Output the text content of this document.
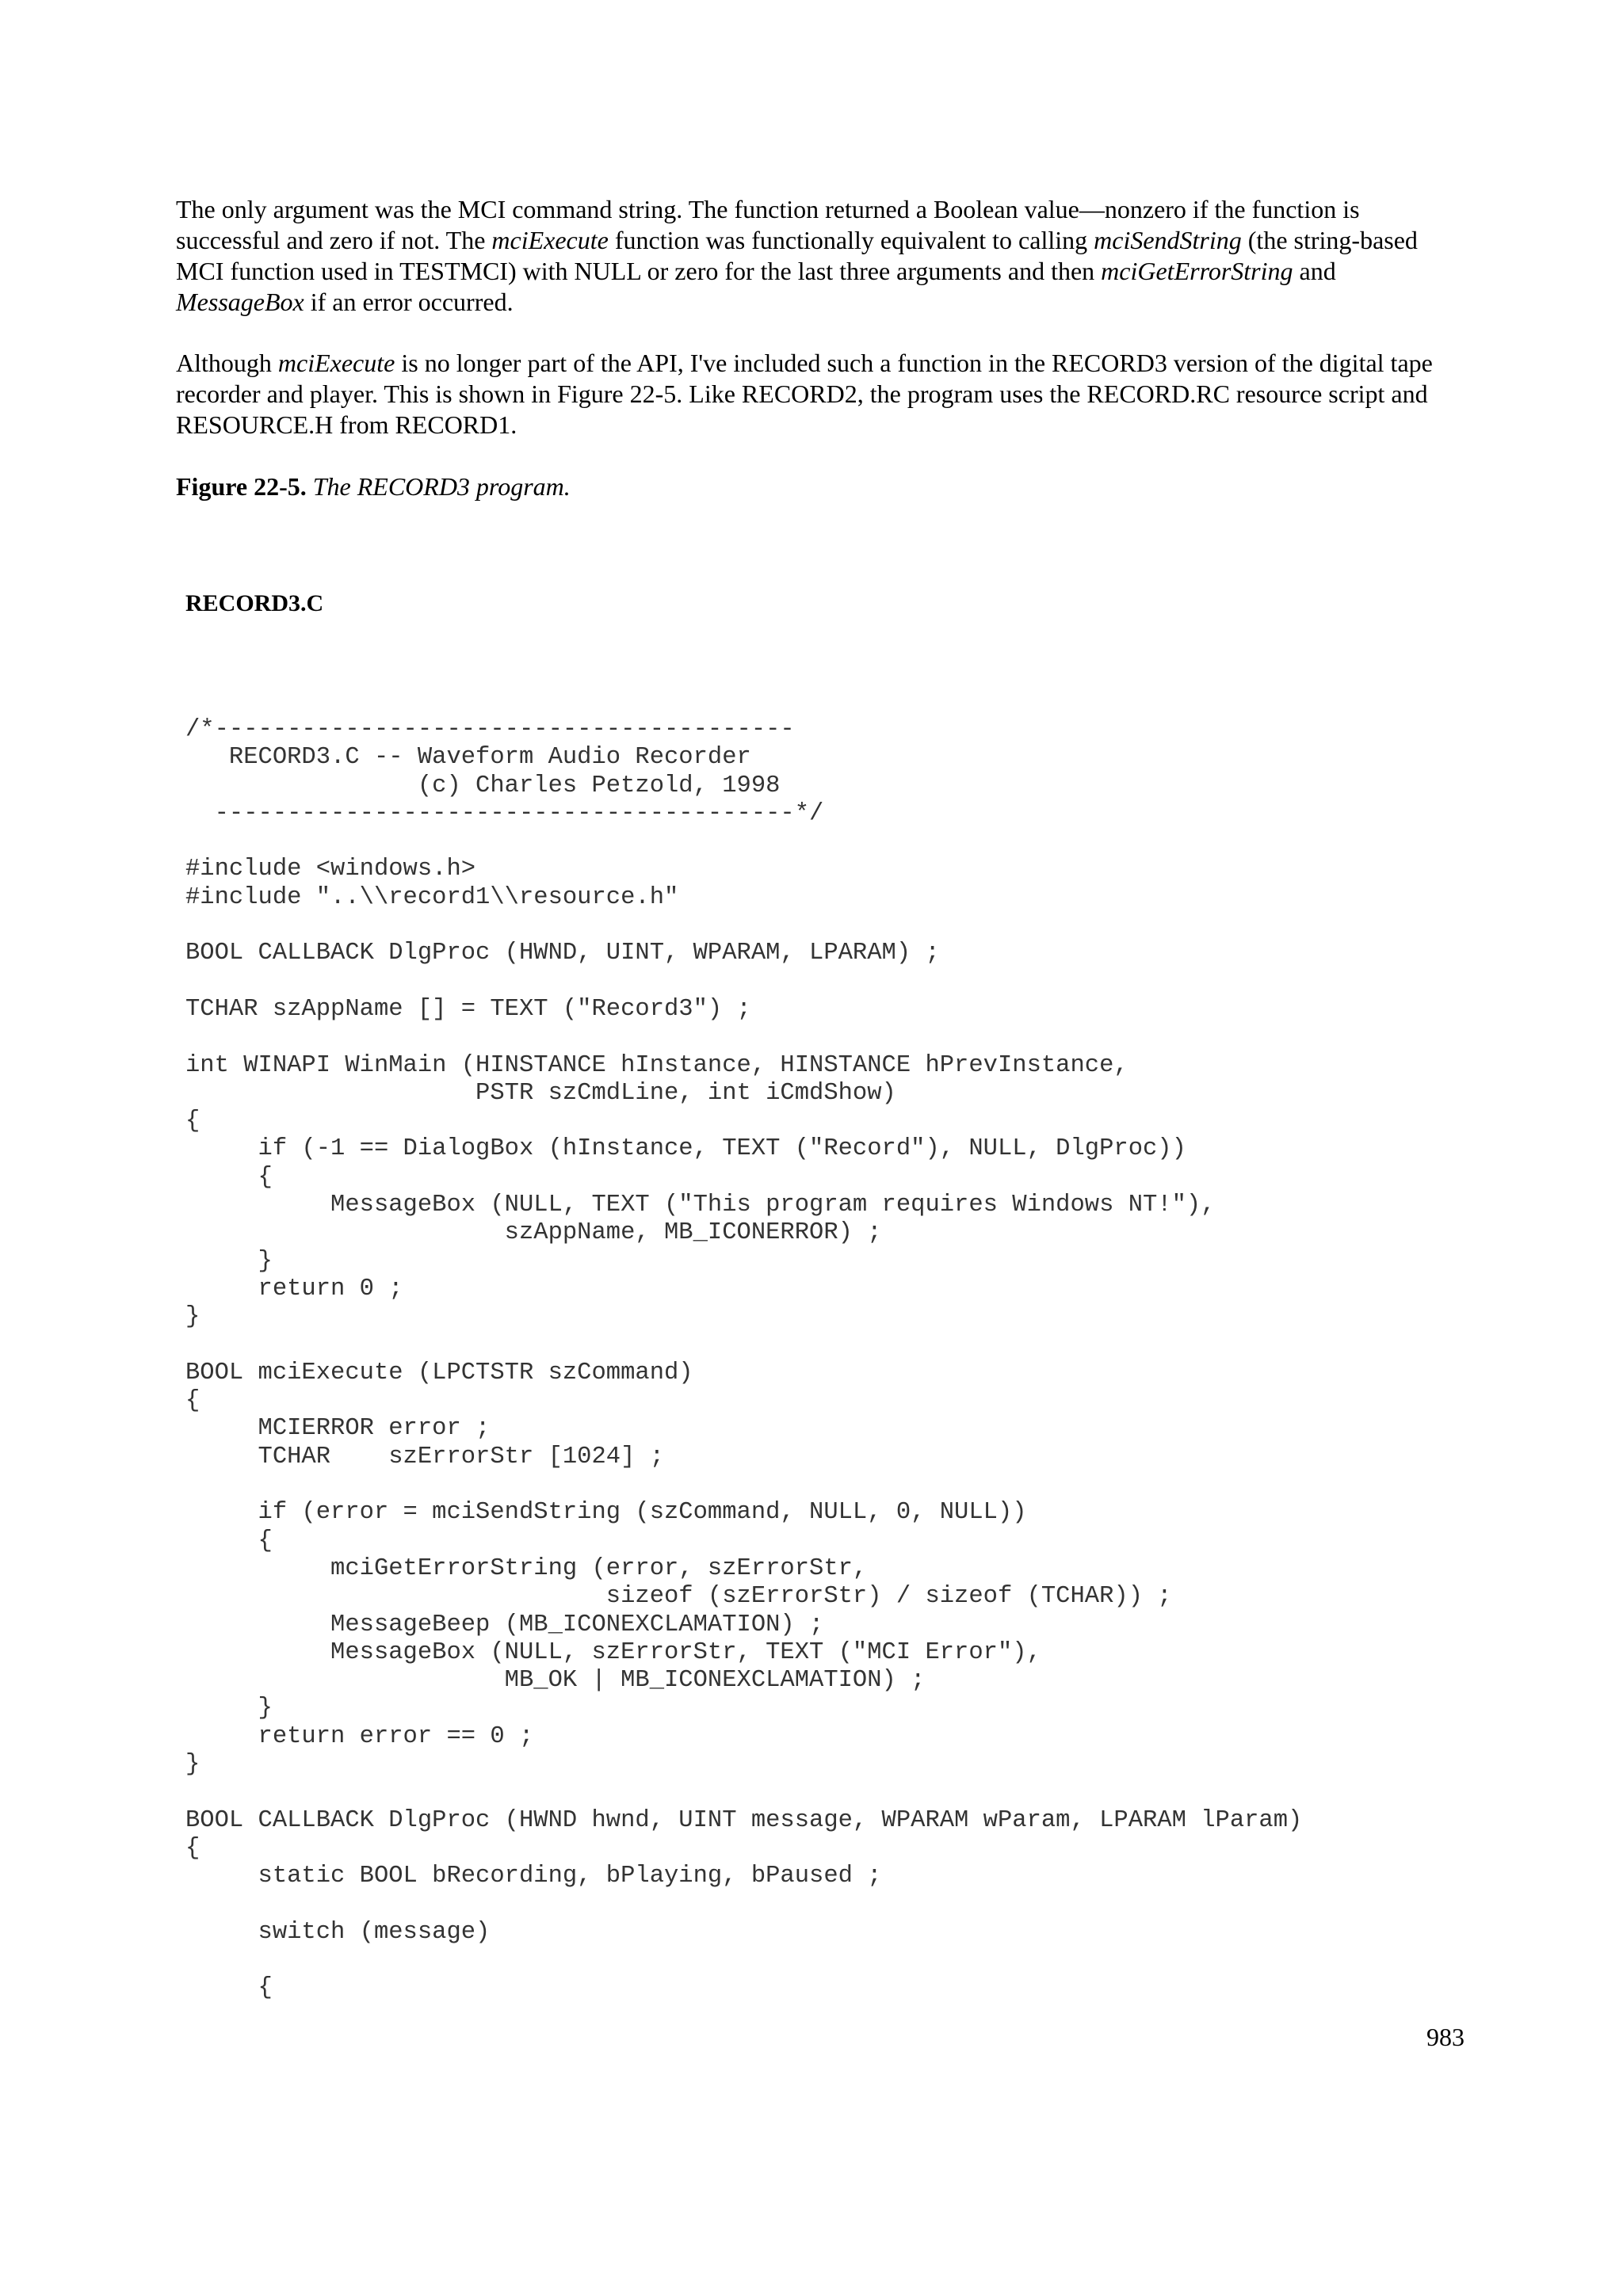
The only argument was the MCI command string. The function returned a Boolean value—nonzero if the function is successful and zero if not. The mciExecute function was functionally equivalent to calling mciSendString (the string-based MCI function used in TESTMCI) with NULL or zero for the last three arguments and then mciGetErrorString and MessageBox if an error occurred.

Although mciExecute is no longer part of the API, I've included such a function in the RECORD3 version of the digital tape recorder and player. This is shown in Figure 22-5. Like RECORD2, the program uses the RECORD.RC resource script and RESOURCE.H from RECORD1.

Figure 22-5. The RECORD3 program.

RECORD3.C

/*----------------------------------------
RECORD3.C -- Waveform Audio Recorder
(c) Charles Petzold, 1998
----------------------------------------*/

#include <windows.h>
#include "..\\record1\\resource.h"

BOOL CALLBACK DlgProc (HWND, UINT, WPARAM, LPARAM) ;

TCHAR szAppName [] = TEXT ("Record3") ;

int WINAPI WinMain (HINSTANCE hInstance, HINSTANCE hPrevInstance,
PSTR szCmdLine, int iCmdShow)
{
if (-1 == DialogBox (hInstance, TEXT ("Record"), NULL, DlgProc))
{
MessageBox (NULL, TEXT ("This program requires Windows NT!"),
szAppName, MB_ICONERROR) ;
}
return 0 ;
}

BOOL mciExecute (LPCTSTR szCommand)
{
MCIERROR error ;
TCHAR    szErrorStr [1024] ;

if (error = mciSendString (szCommand, NULL, 0, NULL))
{
mciGetErrorString (error, szErrorStr,
sizeof (szErrorStr) / sizeof (TCHAR)) ;
MessageBeep (MB_ICONEXCLAMATION) ;
MessageBox (NULL, szErrorStr, TEXT ("MCI Error"),
MB_OK | MB_ICONEXCLAMATION) ;
}
return error == 0 ;
}

BOOL CALLBACK DlgProc (HWND hwnd, UINT message, WPARAM wParam, LPARAM lParam)
{
static BOOL bRecording, bPlaying, bPaused ;

switch (message)

{

983
